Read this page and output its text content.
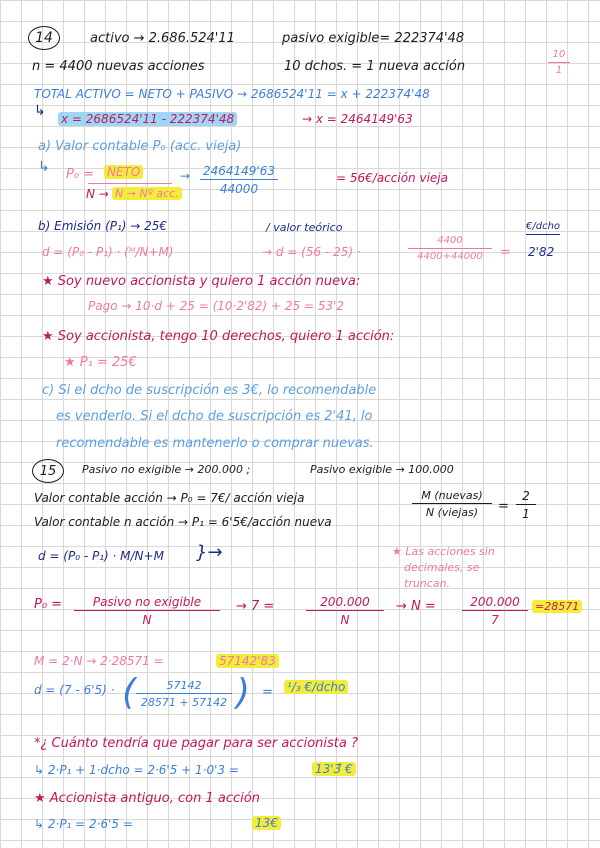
14	activo → 2.686.524'11	pasivo exigible= 222374'48
n = 4400 nuevas acciones	10 dchos. = 1 nueva acción	$\frac{10}{1}$
TOTAL ACTIVO = NETO + PASIVO → 2686524'11 = x + 222374'48
↳ x = 2686524'11 - 222374'48	→ x = 2464149'63
a) Valor contable P₀ (acc. vieja)
↳ P₀ = NETO
N → N → Nº acc.
→ $\frac{2464149'63}{44000}$	= 56€/acción vieja
b) Emisión (P₁) → 25€	/ valor teórico	€/dcho
d = (P₀ - P₁) · (ᴹ/N+M)	→ d = (56 - 25) ·	$\frac{4400}{4400+44000} = 2'82$
★ Soy nuevo accionista y quiero 1 acción nueva:
Pago → 10·d + 25 = (10·2'82) + 25 = 53'2
★ Soy accionista, tengo 10 derechos, quiero 1 acción:
★ P₁ = 25€
c) Si el dcho de suscripción es 3€, lo recomendable
es venderlo. Si el dcho de suscripción es 2'41, lo
recomendable es mantenerlo o comprar nuevas.
15 Pasivo no exigible → 200.000 ;	Pasivo exigible → 100.000
Valor contable acción → P₀ = 7€/ acción vieja
Valor contable n acción → P₁ = 6'5€/acción nueva
M (nuevas)
N (viejas)	= $\frac{2}{1}$
d = (P₀ - P₁) · M/N+M }→	★ Las acciones sin
decimales, se
truncan.
P₀ =	Pasivo no exigible
N
→ 7 =	$\frac{200.000}{N} \to N = \frac{200.000}{7} =28571$
M = 2·N → 2·28571 =	57142'83
d = (7 - 6'5) · ( $\frac{57142}{28571 + 57142}$ ) = ¹/₃ €/dcho
*¿ Cuánto tendría que pagar para ser accionista ?
↳ 2·P₁ + 1·dcho = 2·6'5 + 1·0'3 =	13'3̂ €
★ Accionista antiguo, con 1 acción
↳ 2·P₁ = 2·6'5 =	13€
